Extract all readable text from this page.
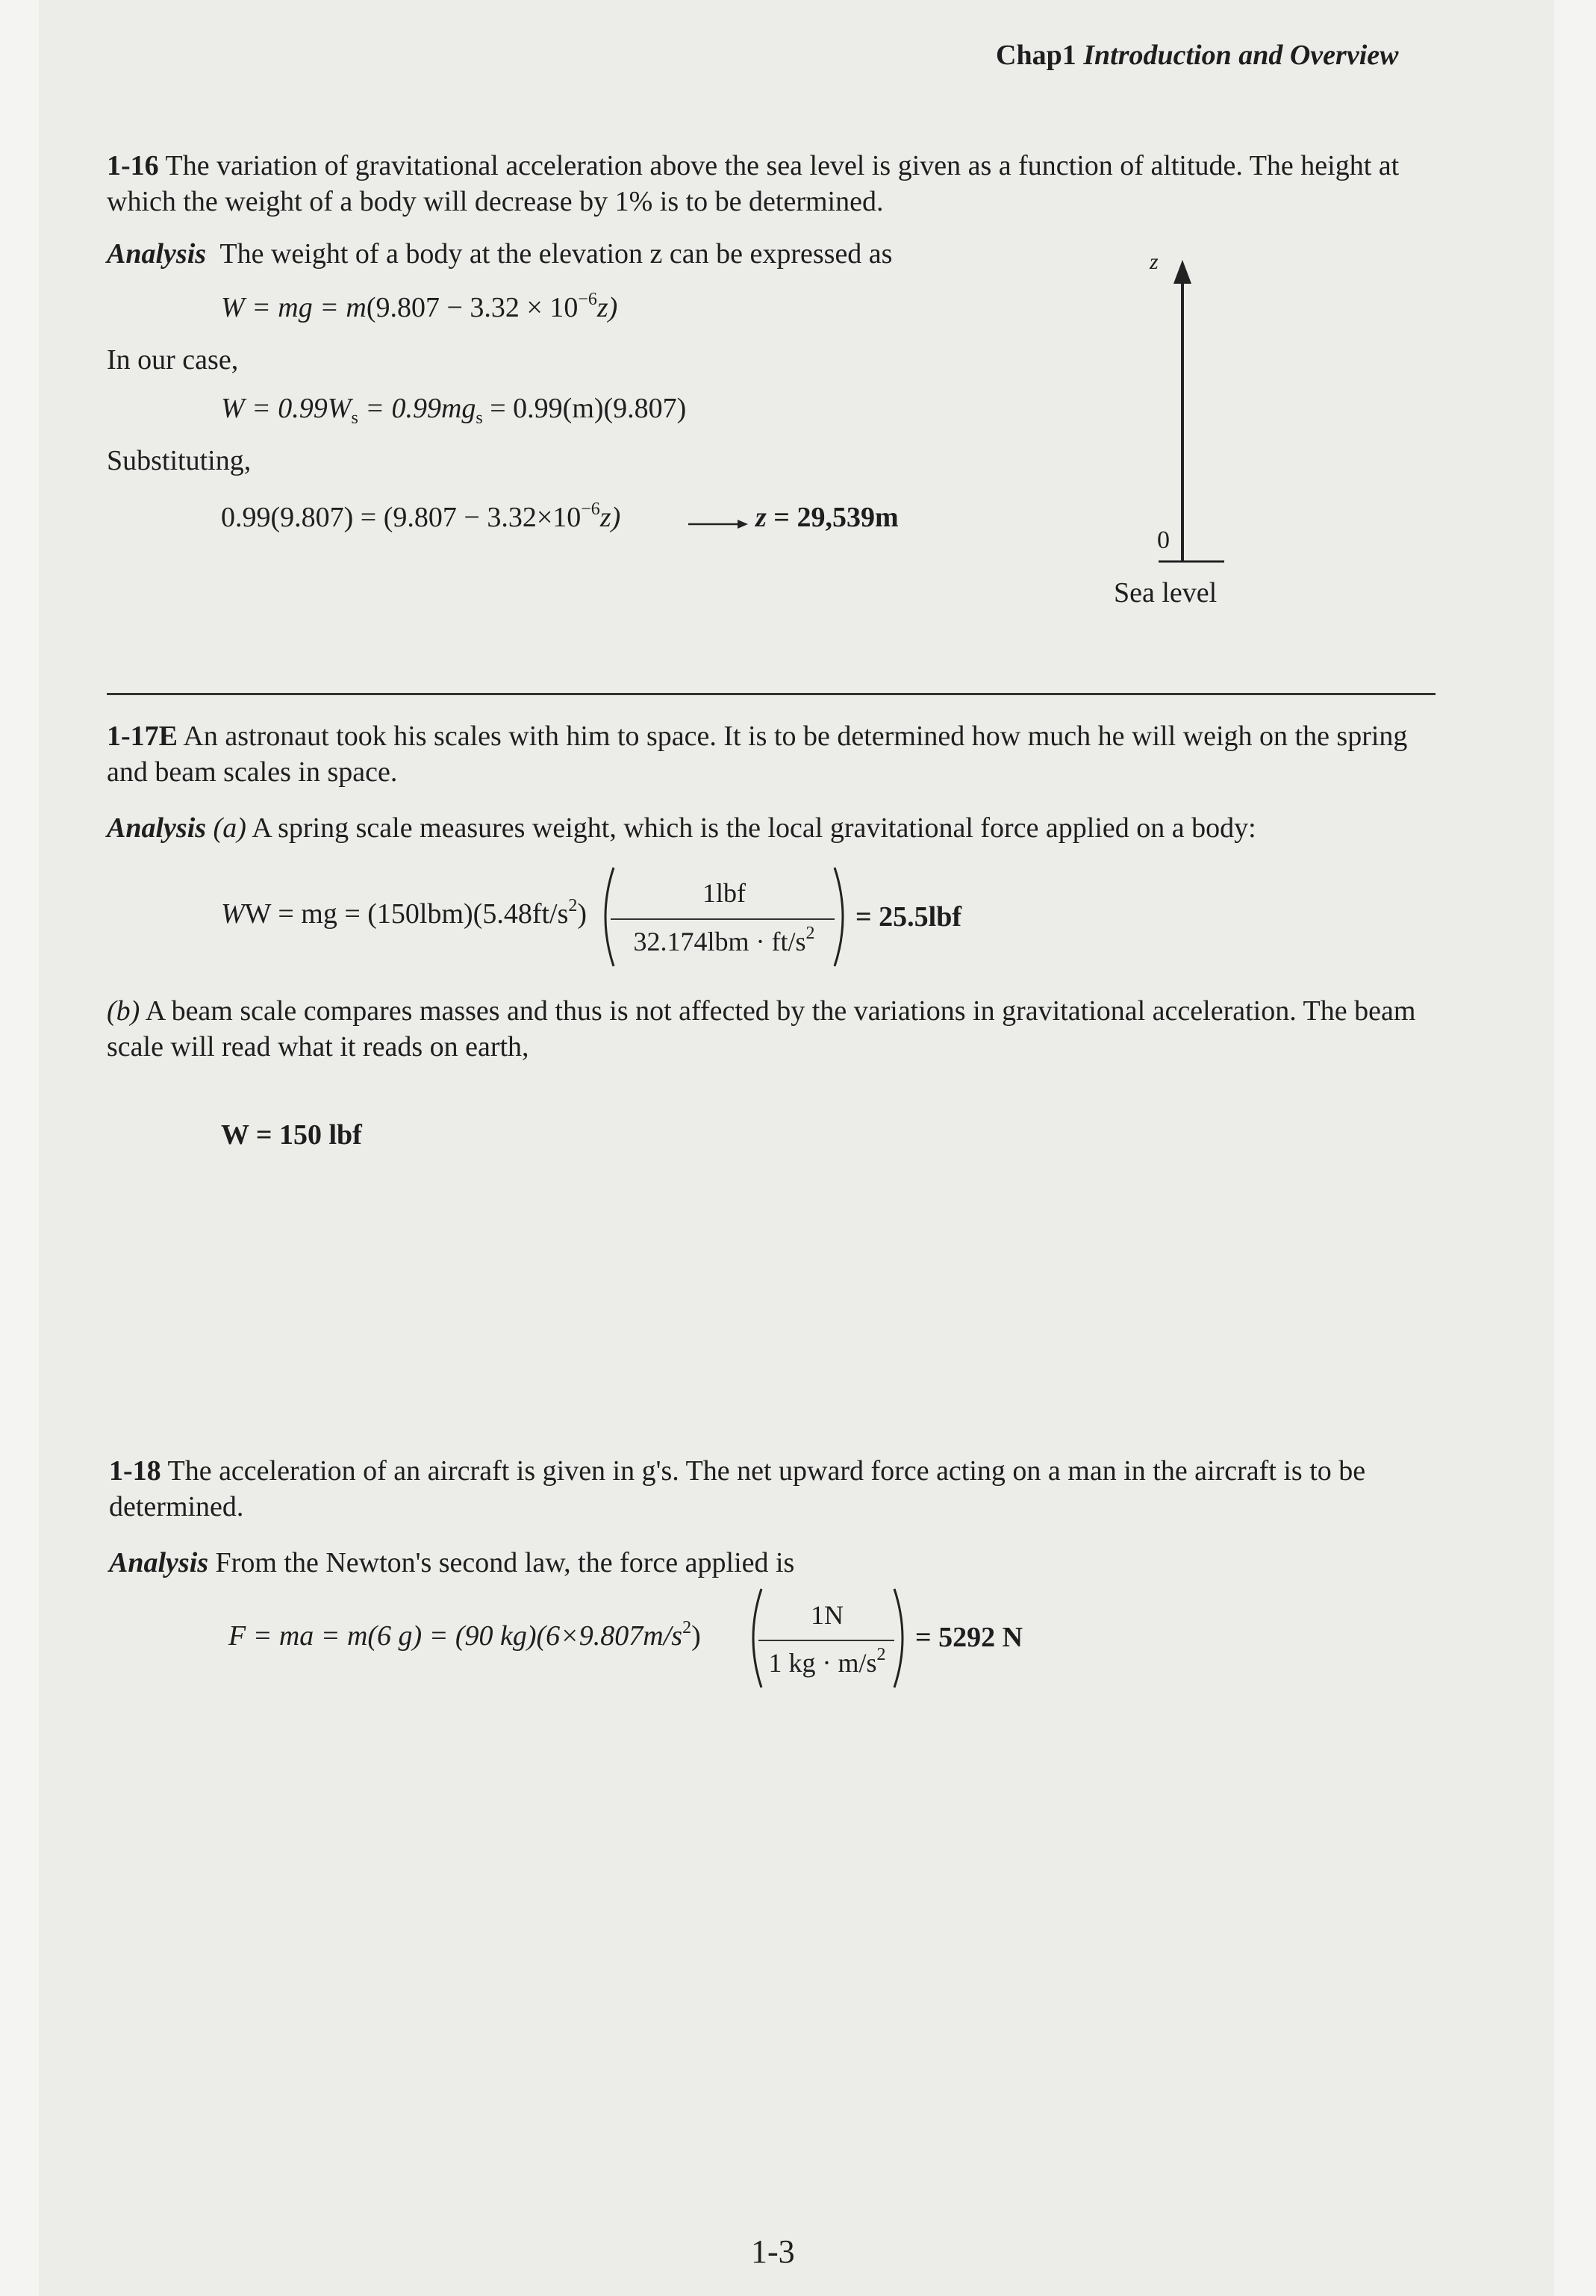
Chap1 Introduction and Overview
1-16 The variation of gravitational acceleration above the sea level is given as a function of altitude. The height at which the weight of a body will decrease by 1% is to be determined.
Analysis The weight of a body at the elevation z can be expressed as
W = mg = $m(9.807 - 3.32 \times 10^{-6}z)$
In our case,
$W = 0.99W_s = 0.99mg_s = 0.99(m)(9.807)$
Substituting,
$0.99(9.807) = (9.807 - 3.32\times 10^{-6}z)$	z = 29,539m
z
0
Sea level
1-17E An astronaut took his scales with him to space. It is to be determined how much he will weigh on the spring and beam scales in space.
Analysis (a) A spring scale measures weight, which is the local gravitational force applied on a body:
WW = mg = $(150lbm)(5.48ft/s^2)$
1lbf
$32.174lbm \cdot ft/s^2$
= 25.5lbf
(b) A beam scale compares masses and thus is not affected by the variations in gravitational acceleration. The beam scale will read what it reads on earth,
W = 150 lbf
1-18 The acceleration of an aircraft is given in g's. The net upward force acting on a man in the aircraft is to be determined.
Analysis From the Newton's second law, the force applied is
F = ma = m(6 g) = (90 $kg)(6\times 9.807m/s^2)$
1N
1 kg · $m/s^2$
= 5292 N
1-3
